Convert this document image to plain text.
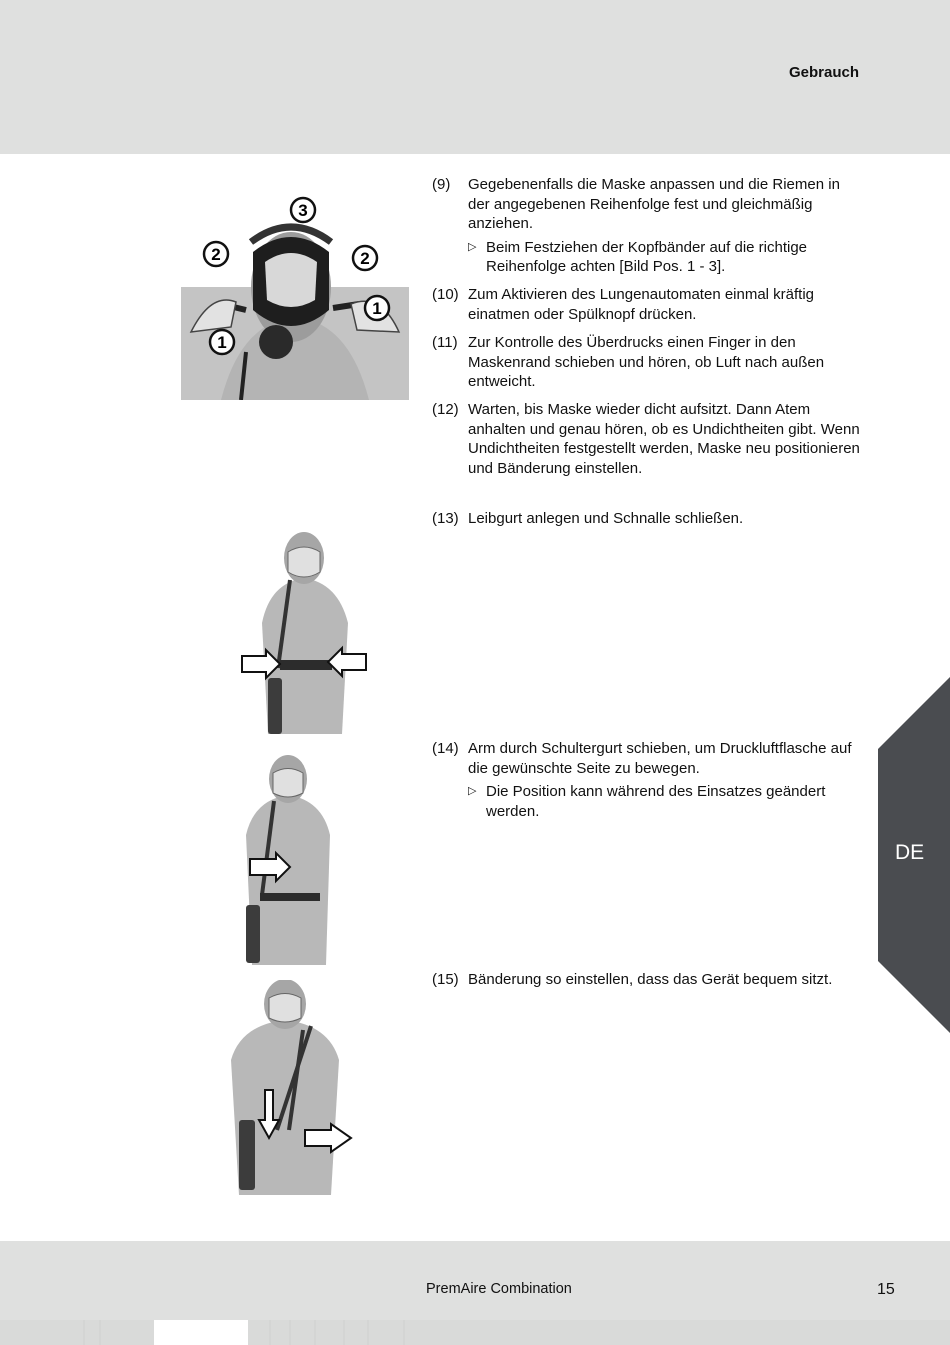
Gebrauch
DE
3
2	2
1
1
(9) Gegebenenfalls die Maske anpassen und die Riemen in der angegebenen Reihenfolge fest und gleichmäßig anziehen.
▷ Beim Festziehen der Kopfbänder auf die richtige Reihenfolge achten [Bild Pos. 1 - 3].
(10) Zum Aktivieren des Lungenautomaten einmal kräftig einatmen oder Spülknopf drücken.
(11) Zur Kontrolle des Überdrucks einen Finger in den Maskenrand schieben und hören, ob Luft nach außen entweicht.
(12) Warten, bis Maske wieder dicht aufsitzt. Dann Atem anhalten und genau hören, ob es Undichtheiten gibt. Wenn Undichtheiten festgestellt werden, Maske neu positionieren und Bänderung einstellen.
(13) Leibgurt anlegen und Schnalle schließen.
(14) Arm durch Schultergurt schieben, um Druckluftflasche auf die gewünschte Seite zu bewegen.
▷ Die Position kann während des Einsatzes geändert werden.
(15) Bänderung so einstellen, dass das Gerät bequem sitzt.
PremAire Combination	15
